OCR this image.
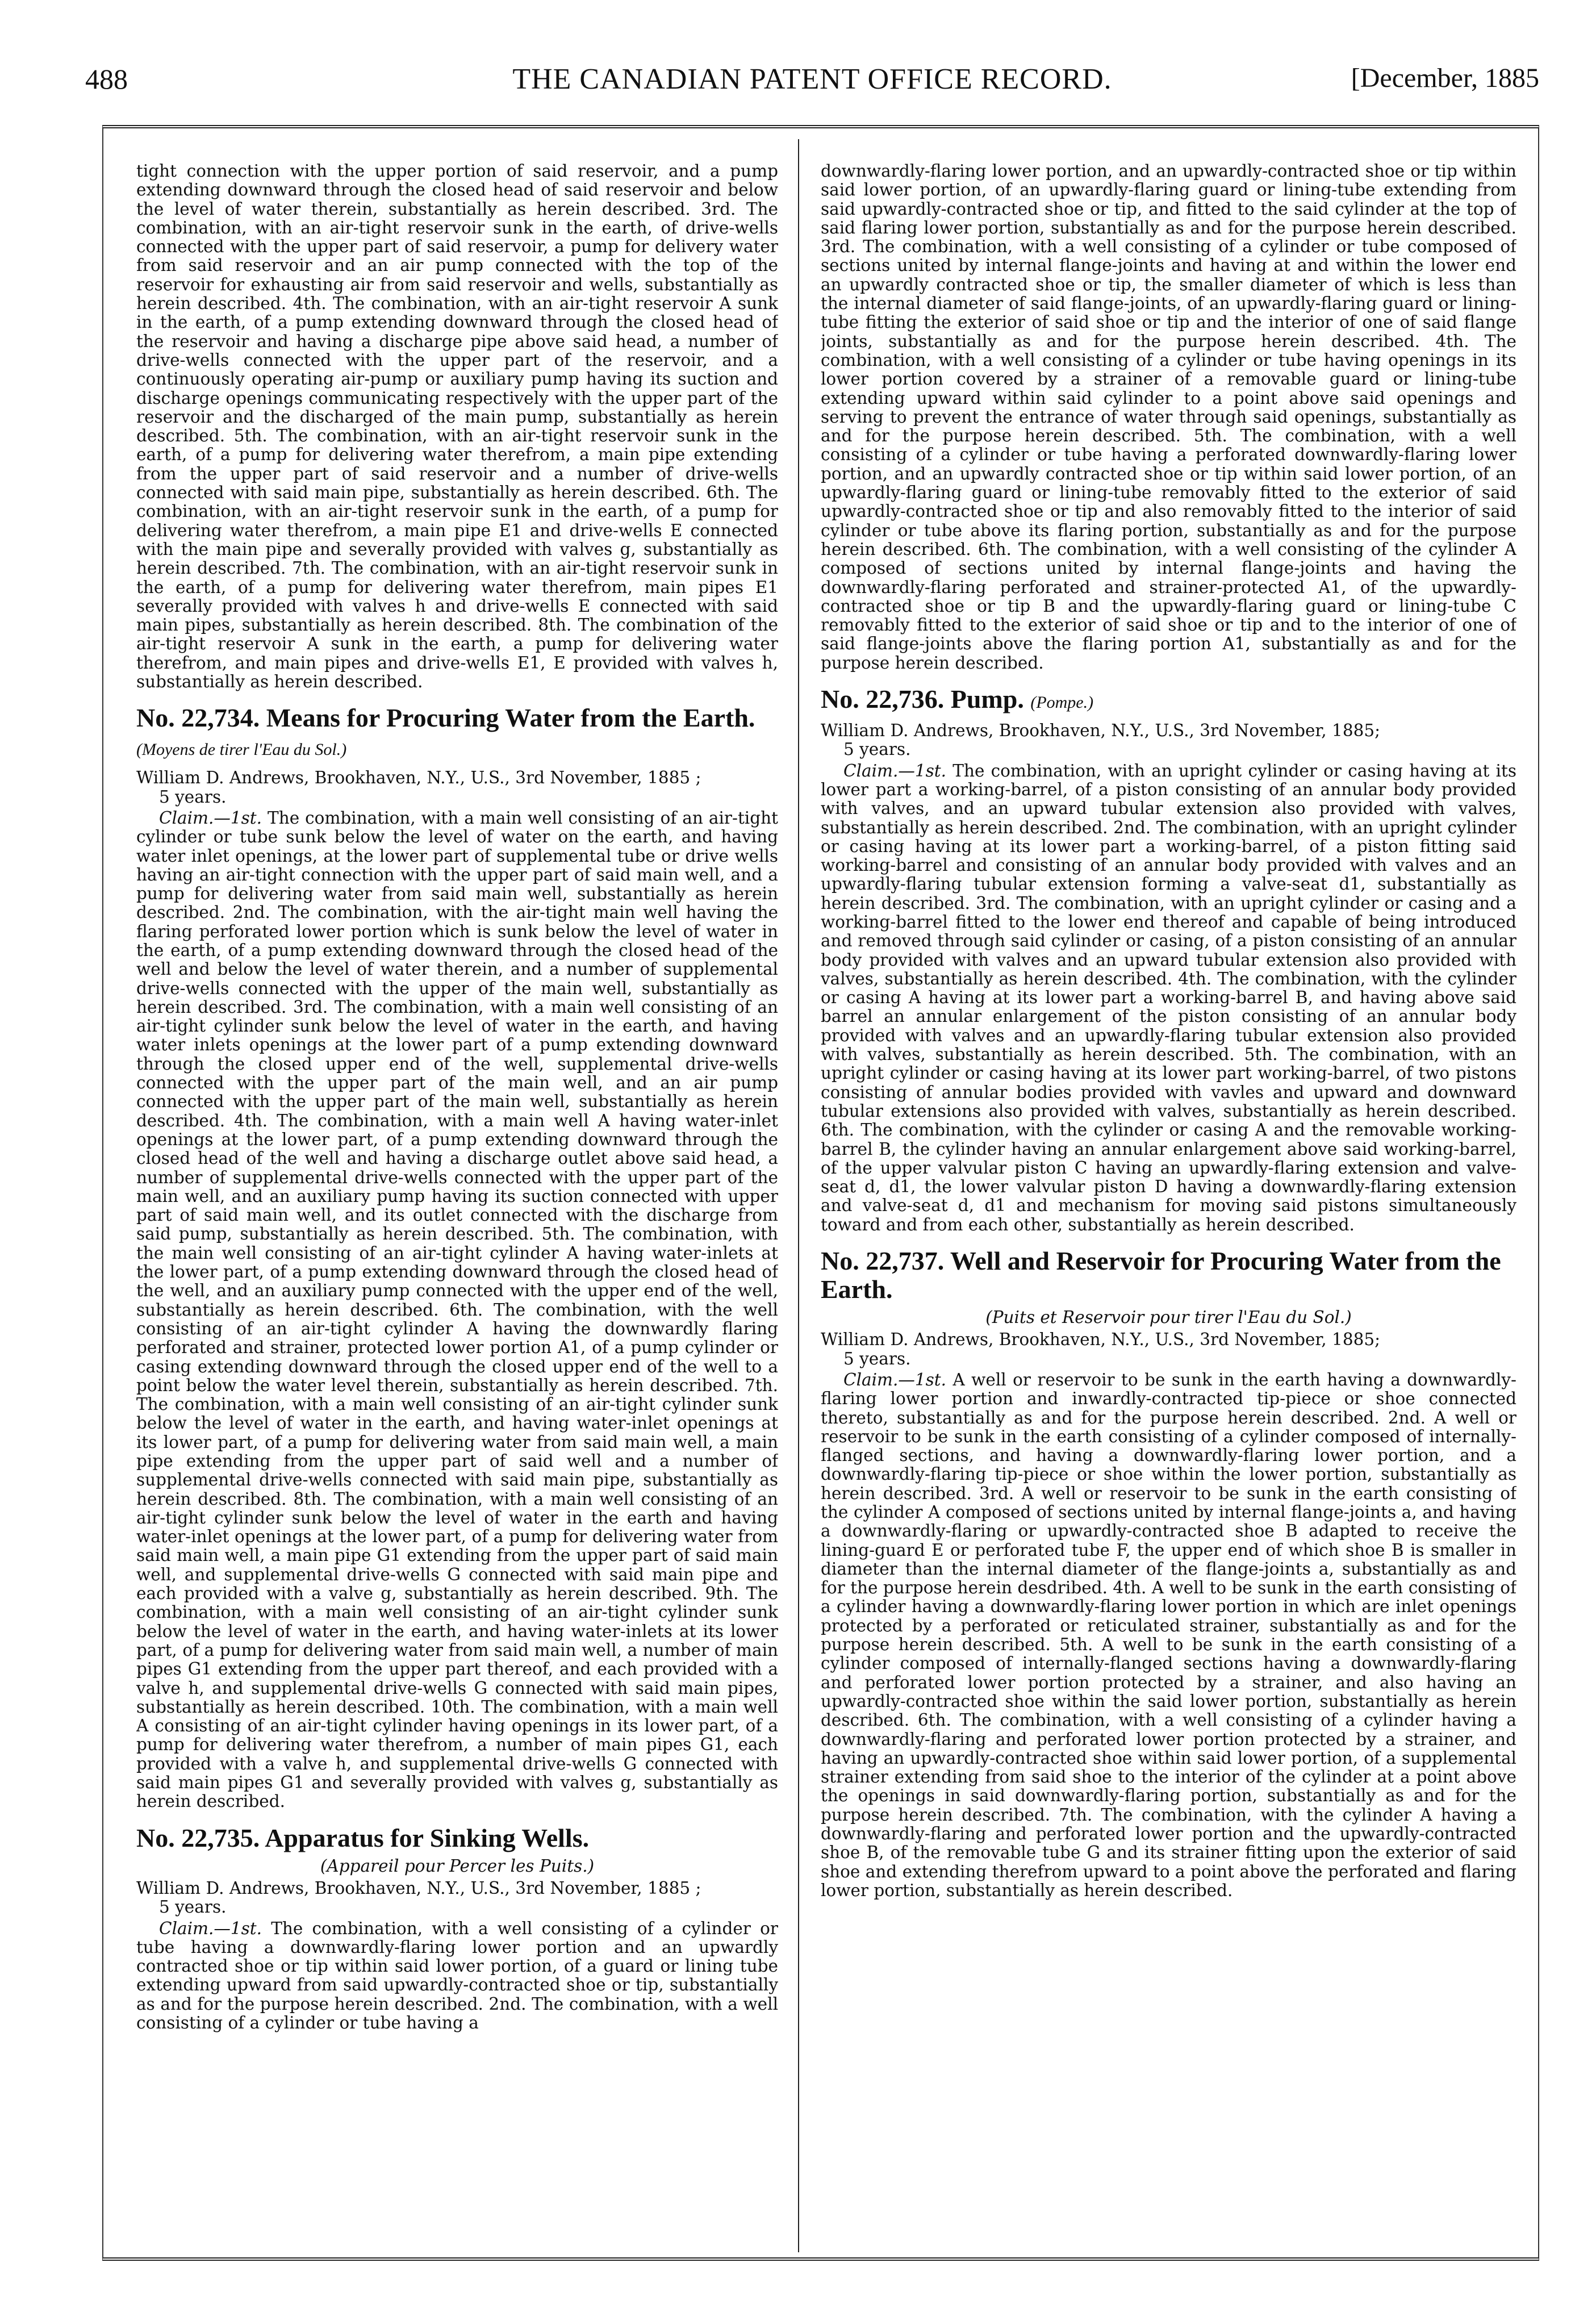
488	THE CANADIAN PATENT OFFICE RECORD.	[December, 1885

tight connection with the upper portion of said reservoir, and a pump extending downward through the closed head of said reservoir and below the level of water therein, substantially as herein described. 3rd. The combination, with an air-tight reservoir sunk in the earth, of drive-wells connected with the upper part of said reservoir, a pump for delivery water from said reservoir and an air pump connected with the top of the reservoir for exhausting air from said reservoir and wells, substantially as herein described. 4th. The combination, with an air-tight reservoir A sunk in the earth, of a pump extending downward through the closed head of the reservoir and having a discharge pipe above said head, a number of drive-wells connected with the upper part of the reservoir, and a continuously operating air-pump or auxiliary pump having its suction and discharge openings communicating respectively with the upper part of the reservoir and the discharged of the main pump, substantially as herein described. 5th. The combination, with an air-tight reservoir sunk in the earth, of a pump for delivering water therefrom, a main pipe extending from the upper part of said reservoir and a number of drive-wells connected with said main pipe, substantially as herein described. 6th. The combination, with an air-tight reservoir sunk in the earth, of a pump for delivering water therefrom, a main pipe E1 and drive-wells E connected with the main pipe and severally provided with valves g, substantially as herein described. 7th. The combination, with an air-tight reservoir sunk in the earth, of a pump for delivering water therefrom, main pipes E1 severally provided with valves h and drive-wells E connected with said main pipes, substantially as herein described. 8th. The combination of the air-tight reservoir A sunk in the earth, a pump for delivering water therefrom, and main pipes and drive-wells E1, E provided with valves h, substantially as herein described.

No. 22,734. Means for Procuring Water from the Earth. (Moyens de tirer l'Eau du Sol.)

William D. Andrews, Brookhaven, N.Y., U.S., 3rd November, 1885 ;

5 years.

Claim.—1st. The combination, with a main well consisting of an air-tight cylinder or tube sunk below the level of water on the earth, and having water inlet openings, at the lower part of supplemental tube or drive wells having an air-tight connection with the upper part of said main well, and a pump for delivering water from said main well, substantially as herein described. 2nd. The combination, with the air-tight main well having the flaring perforated lower portion which is sunk below the level of water in the earth, of a pump extending downward through the closed head of the well and below the level of water therein, and a number of supplemental drive-wells connected with the upper of the main well, substantially as herein described. 3rd. The combination, with a main well consisting of an air-tight cylinder sunk below the level of water in the earth, and having water inlets openings at the lower part of a pump extending downward through the closed upper end of the well, supplemental drive-wells connected with the upper part of the main well, and an air pump connected with the upper part of the main well, substantially as herein described. 4th. The combination, with a main well A having water-inlet openings at the lower part, of a pump extending downward through the closed head of the well and having a discharge outlet above said head, a number of supplemental drive-wells connected with the upper part of the main well, and an auxiliary pump having its suction connected with upper part of said main well, and its outlet connected with the discharge from said pump, substantially as herein described. 5th. The combination, with the main well consisting of an air-tight cylinder A having water-inlets at the lower part, of a pump extending downward through the closed head of the well, and an auxiliary pump connected with the upper end of the well, substantially as herein described. 6th. The combination, with the well consisting of an air-tight cylinder A having the downwardly flaring perforated and strainer, protected lower portion A1, of a pump cylinder or casing extending downward through the closed upper end of the well to a point below the water level therein, substantially as herein described. 7th. The combination, with a main well consisting of an air-tight cylinder sunk below the level of water in the earth, and having water-inlet openings at its lower part, of a pump for delivering water from said main well, a main pipe extending from the upper part of said well and a number of supplemental drive-wells connected with said main pipe, substantially as herein described. 8th. The combination, with a main well consisting of an air-tight cylinder sunk below the level of water in the earth and having water-inlet openings at the lower part, of a pump for delivering water from said main well, a main pipe G1 extending from the upper part of said main well, and supplemental drive-wells G connected with said main pipe and each provided with a valve g, substantially as herein described. 9th. The combination, with a main well consisting of an air-tight cylinder sunk below the level of water in the earth, and having water-inlets at its lower part, of a pump for delivering water from said main well, a number of main pipes G1 extending from the upper part thereof, and each provided with a valve h, and supplemental drive-wells G connected with said main pipes, substantially as herein described. 10th. The combination, with a main well A consisting of an air-tight cylinder having openings in its lower part, of a pump for delivering water therefrom, a number of main pipes G1, each provided with a valve h, and supplemental drive-wells G connected with said main pipes G1 and severally provided with valves g, substantially as herein described.

No. 22,735. Apparatus for Sinking Wells.

(Appareil pour Percer les Puits.)

William D. Andrews, Brookhaven, N.Y., U.S., 3rd November, 1885 ;

5 years.

Claim.—1st. The combination, with a well consisting of a cylinder or tube having a downwardly-flaring lower portion and an upwardly contracted shoe or tip within said lower portion, of a guard or lining tube extending upward from said upwardly-contracted shoe or tip, substantially as and for the purpose herein described. 2nd. The combination, with a well consisting of a cylinder or tube having a

downwardly-flaring lower portion, and an upwardly-contracted shoe or tip within said lower portion, of an upwardly-flaring guard or lining-tube extending from said upwardly-contracted shoe or tip, and fitted to the said cylinder at the top of said flaring lower portion, substantially as and for the purpose herein described. 3rd. The combination, with a well consisting of a cylinder or tube composed of sections united by internal flange-joints and having at and within the lower end an upwardly contracted shoe or tip, the smaller diameter of which is less than the internal diameter of said flange-joints, of an upwardly-flaring guard or lining-tube fitting the exterior of said shoe or tip and the interior of one of said flange joints, substantially as and for the purpose herein described. 4th. The combination, with a well consisting of a cylinder or tube having openings in its lower portion covered by a strainer of a removable guard or lining-tube extending upward within said cylinder to a point above said openings and serving to prevent the entrance of water through said openings, substantially as and for the purpose herein described. 5th. The combination, with a well consisting of a cylinder or tube having a perforated downwardly-flaring lower portion, and an upwardly contracted shoe or tip within said lower portion, of an upwardly-flaring guard or lining-tube removably fitted to the exterior of said upwardly-contracted shoe or tip and also removably fitted to the interior of said cylinder or tube above its flaring portion, substantially as and for the purpose herein described. 6th. The combination, with a well consisting of the cylinder A composed of sections united by internal flange-joints and having the downwardly-flaring perforated and strainer-protected A1, of the upwardly-contracted shoe or tip B and the upwardly-flaring guard or lining-tube C removably fitted to the exterior of said shoe or tip and to the interior of one of said flange-joints above the flaring portion A1, substantially as and for the purpose herein described.

No. 22,736. Pump. (Pompe.)

William D. Andrews, Brookhaven, N.Y., U.S., 3rd November, 1885;

5 years.

Claim.—1st. The combination, with an upright cylinder or casing having at its lower part a working-barrel, of a piston consisting of an annular body provided with valves, and an upward tubular extension also provided with valves, substantially as herein described. 2nd. The combination, with an upright cylinder or casing having at its lower part a working-barrel, of a piston fitting said working-barrel and consisting of an annular body provided with valves and an upwardly-flaring tubular extension forming a valve-seat d1, substantially as herein described. 3rd. The combination, with an upright cylinder or casing and a working-barrel fitted to the lower end thereof and capable of being introduced and removed through said cylinder or casing, of a piston consisting of an annular body provided with valves and an upward tubular extension also provided with valves, substantially as herein described. 4th. The combination, with the cylinder or casing A having at its lower part a working-barrel B, and having above said barrel an annular enlargement of the piston consisting of an annular body provided with valves and an upwardly-flaring tubular extension also provided with valves, substantially as herein described. 5th. The combination, with an upright cylinder or casing having at its lower part working-barrel, of two pistons consisting of annular bodies provided with vavles and upward and downward tubular extensions also provided with valves, substantially as herein described. 6th. The combination, with the cylinder or casing A and the removable working-barrel B, the cylinder having an annular enlargement above said working-barrel, of the upper valvular piston C having an upwardly-flaring extension and valve-seat d, d1, the lower valvular piston D having a downwardly-flaring extension and valve-seat d, d1 and mechanism for moving said pistons simultaneously toward and from each other, substantially as herein described.

No. 22,737. Well and Reservoir for Procuring Water from the Earth.

(Puits et Reservoir pour tirer l'Eau du Sol.)

William D. Andrews, Brookhaven, N.Y., U.S., 3rd November, 1885;

5 years.

Claim.—1st. A well or reservoir to be sunk in the earth having a downwardly-flaring lower portion and inwardly-contracted tip-piece or shoe connected thereto, substantially as and for the purpose herein described. 2nd. A well or reservoir to be sunk in the earth consisting of a cylinder composed of internally-flanged sections, and having a downwardly-flaring lower portion, and a downwardly-flaring tip-piece or shoe within the lower portion, substantially as herein described. 3rd. A well or reservoir to be sunk in the earth consisting of the cylinder A composed of sections united by internal flange-joints a, and having a downwardly-flaring or upwardly-contracted shoe B adapted to receive the lining-guard E or perforated tube F, the upper end of which shoe B is smaller in diameter than the internal diameter of the flange-joints a, substantially as and for the purpose herein desdribed. 4th. A well to be sunk in the earth consisting of a cylinder having a downwardly-flaring lower portion in which are inlet openings protected by a perforated or reticulated strainer, substantially as and for the purpose herein described. 5th. A well to be sunk in the earth consisting of a cylinder composed of internally-flanged sections having a downwardly-flaring and perforated lower portion protected by a strainer, and also having an upwardly-contracted shoe within the said lower portion, substantially as herein described. 6th. The combination, with a well consisting of a cylinder having a downwardly-flaring and perforated lower portion protected by a strainer, and having an upwardly-contracted shoe within said lower portion, of a supplemental strainer extending from said shoe to the interior of the cylinder at a point above the openings in said downwardly-flaring portion, substantially as and for the purpose herein described. 7th. The combination, with the cylinder A having a downwardly-flaring and perforated lower portion and the upwardly-contracted shoe B, of the removable tube G and its strainer fitting upon the exterior of said shoe and extending therefrom upward to a point above the perforated and flaring lower portion, substantially as herein described.
